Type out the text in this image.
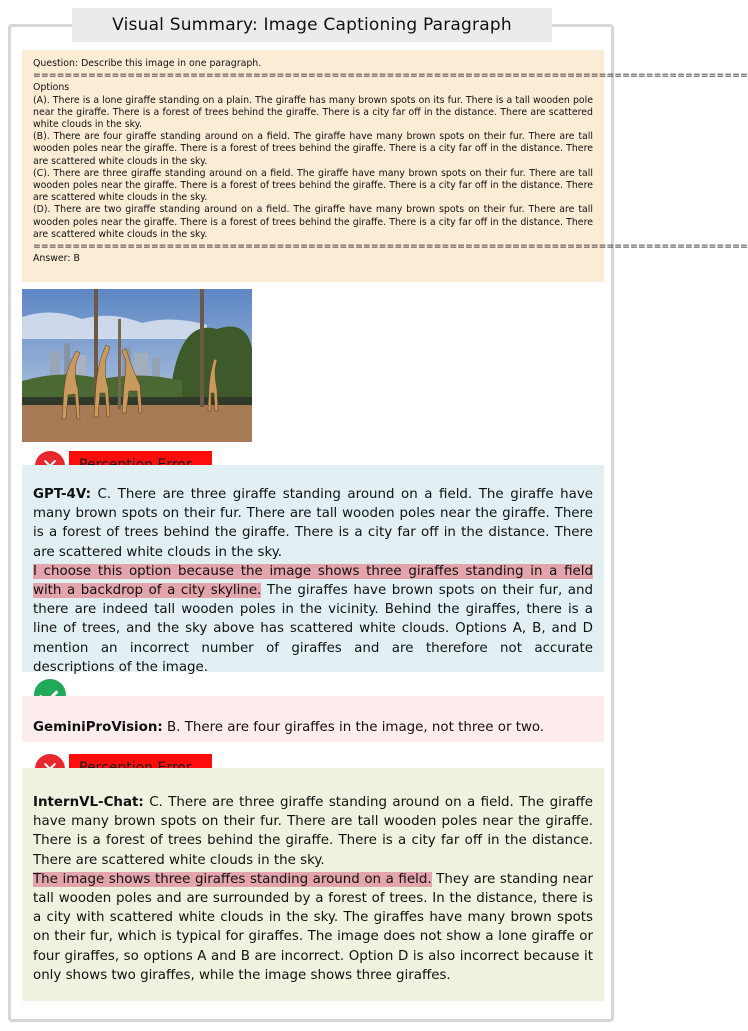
Visual Summary: Image Captioning Paragraph

Question: Describe this image in one paragraph.

===========================================================================================

Options

(A). There is a lone giraffe standing on a plain. The giraffe has many brown spots on its fur. There is a tall wooden pole near the giraffe. There is a forest of trees behind the giraffe. There is a city far off in the distance. There are scattered white clouds in the sky.

(B). There are four giraffe standing around on a field. The giraffe have many brown spots on their fur. There are tall wooden poles near the giraffe. There is a forest of trees behind the giraffe. There is a city far off in the distance. There are scattered white clouds in the sky.

(C). There are three giraffe standing around on a field. The giraffe have many brown spots on their fur. There are tall wooden poles near the giraffe. There is a forest of trees behind the giraffe. There is a city far off in the distance. There are scattered white clouds in the sky.

(D). There are two giraffe standing around on a field. The giraffe have many brown spots on their fur. There are tall wooden poles near the giraffe. There is a forest of trees behind the giraffe. There is a city far off in the distance. There are scattered white clouds in the sky.

===========================================================================================

Answer: B

GPT-4V: C. There are three giraffe standing around on a field. The giraffe have many brown spots on their fur. There are tall wooden poles near the giraffe. There is a forest of trees behind the giraffe. There is a city far off in the distance. There are scattered white clouds in the sky.

I choose this option because the image shows three giraffes standing in a field with a backdrop of a city skyline. The giraffes have brown spots on their fur, and there are indeed tall wooden poles in the vicinity. Behind the giraffes, there is a line of trees, and the sky above has scattered white clouds. Options A, B, and D mention an incorrect number of giraffes and are therefore not accurate descriptions of the image.

GeminiProVision: B. There are four giraffes in the image, not three or two.

InternVL-Chat: C. There are three giraffe standing around on a field. The giraffe have many brown spots on their fur. There are tall wooden poles near the giraffe. There is a forest of trees behind the giraffe. There is a city far off in the distance. There are scattered white clouds in the sky.

The image shows three giraffes standing around on a field. They are standing near tall wooden poles and are surrounded by a forest of trees. In the distance, there is a city with scattered white clouds in the sky. The giraffes have many brown spots on their fur, which is typical for giraffes. The image does not show a lone giraffe or four giraffes, so options A and B are incorrect. Option D is also incorrect because it only shows two giraffes, while the image shows three giraffes.
